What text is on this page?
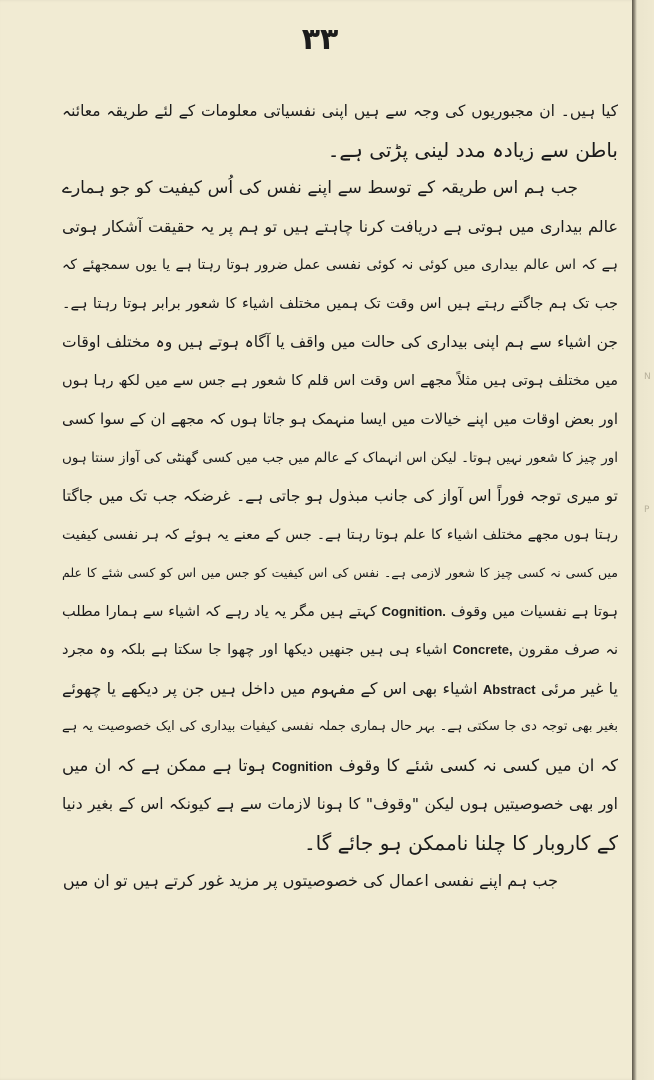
۳۳
کیا ہیں۔ ان مجبوریوں کی وجہ سے ہیں اپنی نفسیاتی معلومات کے لئے طریقہ معائنہ
باطن سے زیادہ مدد لینی پڑتی ہے۔
جب ہم اس طریقہ کے توسط سے اپنے نفس کی اُس کیفیت کو جو ہمارے
عالم بیداری میں ہوتی ہے دریافت کرنا چاہتے ہیں تو ہم پر یہ حقیقت آشکار ہوتی
ہے کہ اس عالم بیداری میں کوئی نہ کوئی نفسی عمل ضرور ہوتا رہتا ہے یا یوں سمجھئے کہ
جب تک ہم جاگتے رہتے ہیں اس وقت تک ہمیں مختلف اشیاء کا شعور برابر ہوتا رہتا ہے۔
جن اشیاء سے ہم اپنی بیداری کی حالت میں واقف یا آگاہ ہوتے ہیں وہ مختلف اوقات
میں مختلف ہوتی ہیں مثلاً مجھے اس وقت اس قلم کا شعور ہے جس سے میں لکھ رہا ہوں
اور بعض اوقات میں اپنے خیالات میں ایسا منہمک ہو جاتا ہوں کہ مجھے ان کے سوا کسی
اور چیز کا شعور نہیں ہوتا۔ لیکن اس انہماک کے عالم میں جب میں کسی گھنٹی کی آواز سنتا ہوں
تو میری توجہ فوراً اس آواز کی جانب مبذول ہو جاتی ہے۔ غرضکہ جب تک میں جاگتا
رہتا ہوں مجھے مختلف اشیاء کا علم ہوتا رہتا ہے۔ جس کے معنے یہ ہوئے کہ ہر نفسی کیفیت
میں کسی نہ کسی چیز کا شعور لازمی ہے۔ نفس کی اس کیفیت کو جس میں اس کو کسی شئے کا علم
ہوتا ہے نفسیات میں وقوف Cognition. کہتے ہیں مگر یہ یاد رہے کہ اشیاء سے ہمارا مطلب
نہ صرف مقرون Concrete, اشیاء ہی ہیں جنھیں دیکھا اور چھوا جا سکتا ہے بلکہ وہ مجرد
یا غیر مرئی Abstract اشیاء بھی اس کے مفہوم میں داخل ہیں جن پر دیکھے یا چھوئے
بغیر بھی توجہ دی جا سکتی ہے۔ بہر حال ہماری جملہ نفسی کیفیات بیداری کی ایک خصوصیت یہ ہے
کہ ان میں کسی نہ کسی شئے کا وقوف Cognition ہوتا ہے ممکن ہے کہ ان میں
اور بھی خصوصیتیں ہوں لیکن "وقوف" کا ہونا لازمات سے ہے کیونکہ اس کے بغیر دنیا
کے کاروبار کا چلنا ناممکن ہو جائے گا۔
جب ہم اپنے نفسی اعمال کی خصوصیتوں پر مزید غور کرتے ہیں تو ان میں
N
P
